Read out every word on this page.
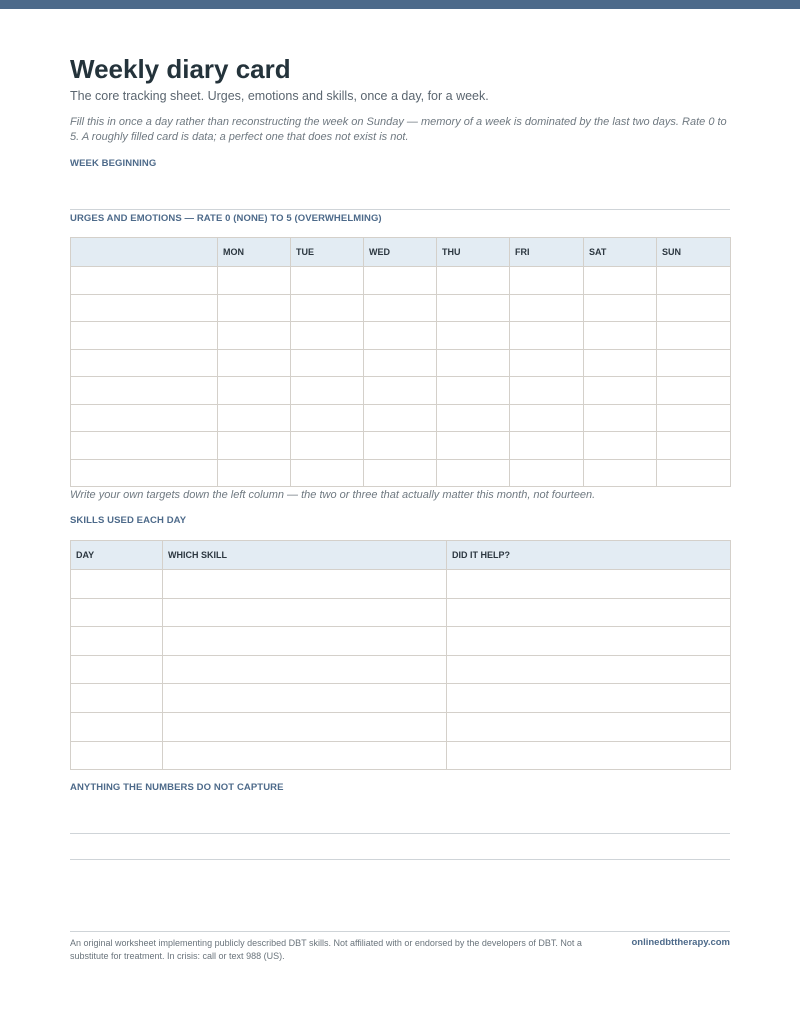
Weekly diary card
The core tracking sheet. Urges, emotions and skills, once a day, for a week.
Fill this in once a day rather than reconstructing the week on Sunday — memory of a week is dominated by the last two days. Rate 0 to 5. A roughly filled card is data; a perfect one that does not exist is not.
WEEK BEGINNING
URGES AND EMOTIONS — RATE 0 (NONE) TO 5 (OVERWHELMING)
	MON	TUE	WED	THU	FRI	SAT	SUN

Write your own targets down the left column — the two or three that actually matter this month, not fourteen.
SKILLS USED EACH DAY
DAY	WHICH SKILL	DID IT HELP?

ANYTHING THE NUMBERS DO NOT CAPTURE
An original worksheet implementing publicly described DBT skills. Not affiliated with or endorsed by the developers of DBT. Not a substitute for treatment. In crisis: call or text 988 (US).
onlinedbttherapy.com
